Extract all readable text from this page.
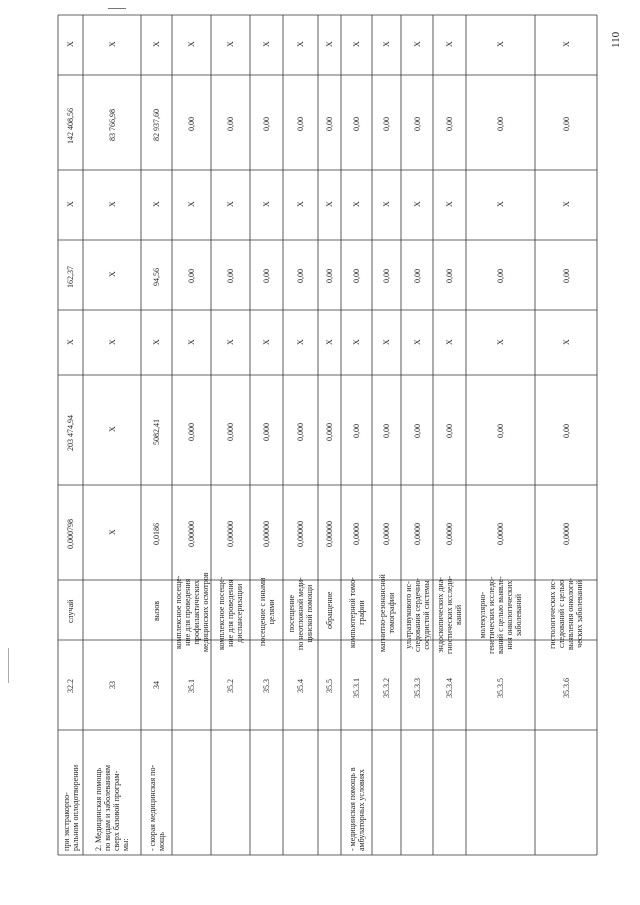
110
при экстракорпо-
ральном оплодотворении
32.2
случай
0,000798
203 474,94
X
162,37
X
142 408,56
X
2. Медицинская помощь
по видам и заболеваниям
сверх базовой програм-
мы:
33
X
X
X
X
X
83 766,98
X
- скорая медицинская по-
мощь
34
вызов
0,0186
5082,41
X
94,56
X
82 937,60
X
35.1
комплексное посеще-
ние для проведения
профилактических
медицинских осмотров
0,00000
0,000
X
0,00
X
0,00
X
35.2
комплексное посеще-
ние для проведения
диспансеризации
0,00000
0,000
X
0,00
X
0,00
X
35.3
посещение с иными
целями
0,00000
0,000
X
0,00
X
0,00
X
35.4
посещение
по неотложной меди-
цинской помощи
0,00000
0,000
X
0,00
X
0,00
X
35.5
обращение
0,00000
0,000
X
0,00
X
0,00
X
- медицинская помощь в
амбулаторных условиях
35.3.1
компьютерной томо-
графии
0,0000
0,00
X
0,00
X
0,00
X
35.3.2
магнитно-резонансной
томографии
0,0000
0,00
X
0,00
X
0,00
X
35.3.3
ультразвукового ис-
следования сердечно-
сосудистой системы
0,0000
0,00
X
0,00
X
0,00
X
35.3.4
эндоскопических диа-
гностических исследо-
ваний
0,0000
0,00
X
0,00
X
0,00
X
35.3.5
молекулярно-
генетических исследо-
ваний с целью выявле-
ния онкологических
заболеваний
0,0000
0,00
X
0,00
X
0,00
X
35.3.6
гистологических ис-
следований с целью
выявления онкологи-
ческих заболеваний
0,0000
0,00
X
0,00
X
0,00
X
